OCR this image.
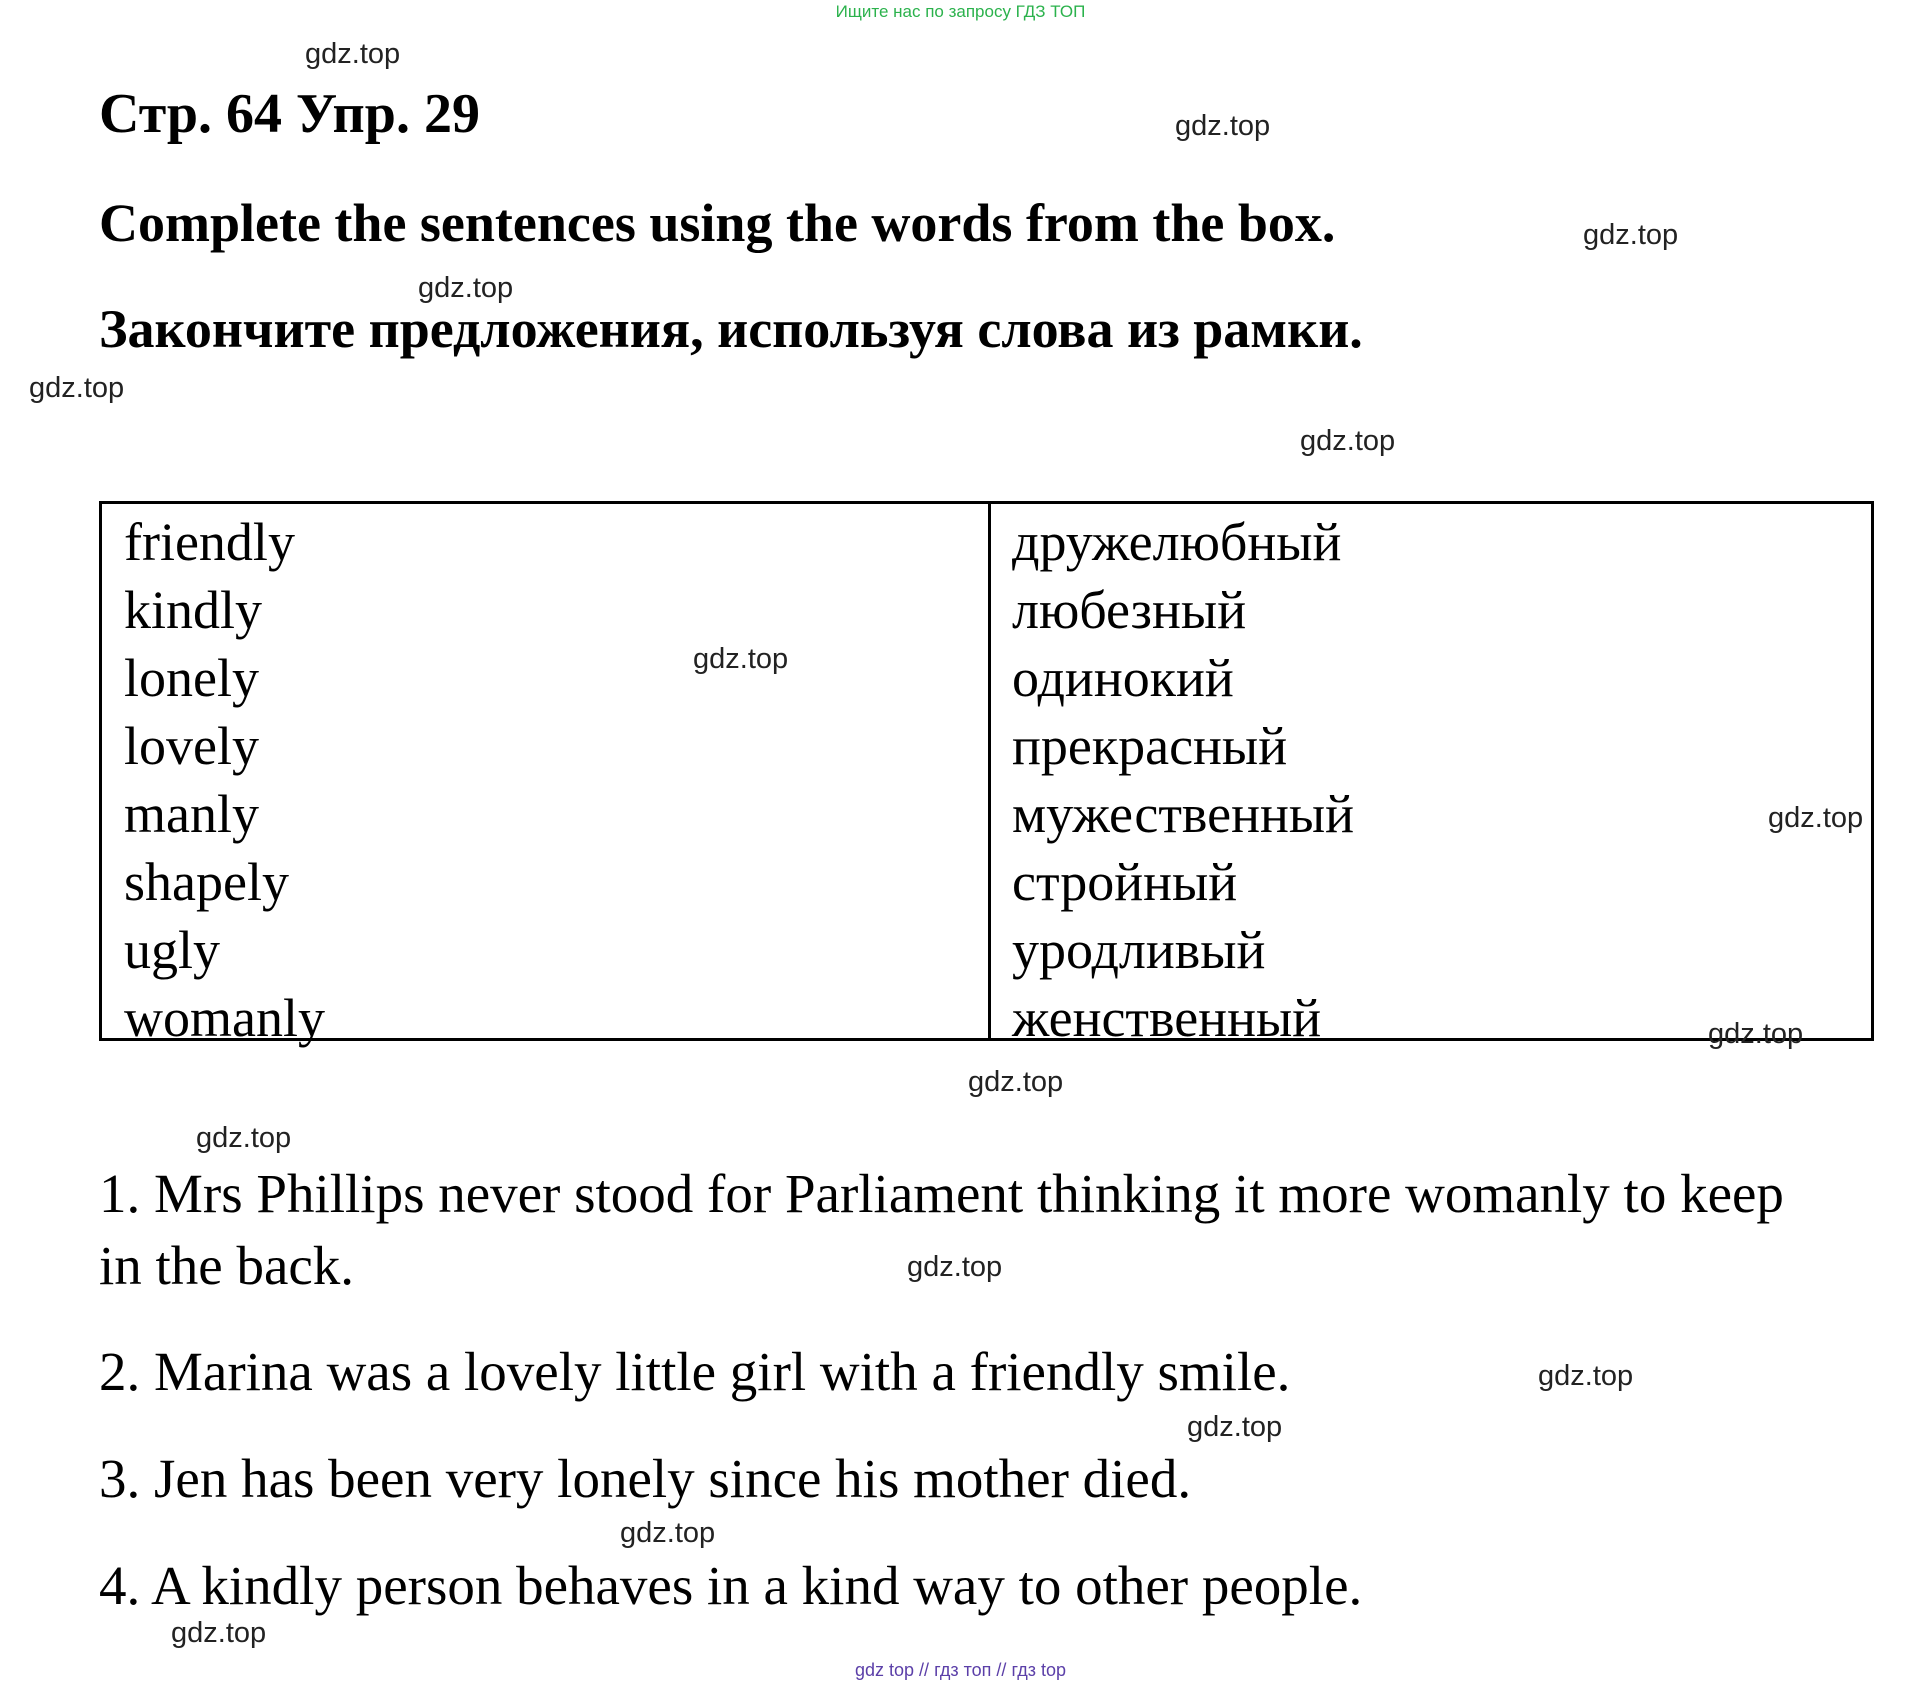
Ищите нас по запросу ГДЗ ТОП
Стр. 64 Упр. 29
Complete the sentences using the words from the box.
Закончите предложения, используя слова из рамки.
friendly
kindly
lonely
lovely
manly
shapely
ugly
womanly
дружелюбный
любезный
одинокий
прекрасный
мужественный
стройный
уродливый
женственный
1. Mrs Phillips never stood for Parliament thinking it more womanly to keep in the back.
2. Marina was a lovely little girl with a friendly smile.
3. Jen has been very lonely since his mother died.
4. A kindly person behaves in a kind way to other people.
gdz.top
gdz.top
gdz.top
gdz.top
gdz.top
gdz.top
gdz.top
gdz.top
gdz.top
gdz.top
gdz.top
gdz.top
gdz.top
gdz.top
gdz.top
gdz.top
gdz top // гдз топ // гдз top
